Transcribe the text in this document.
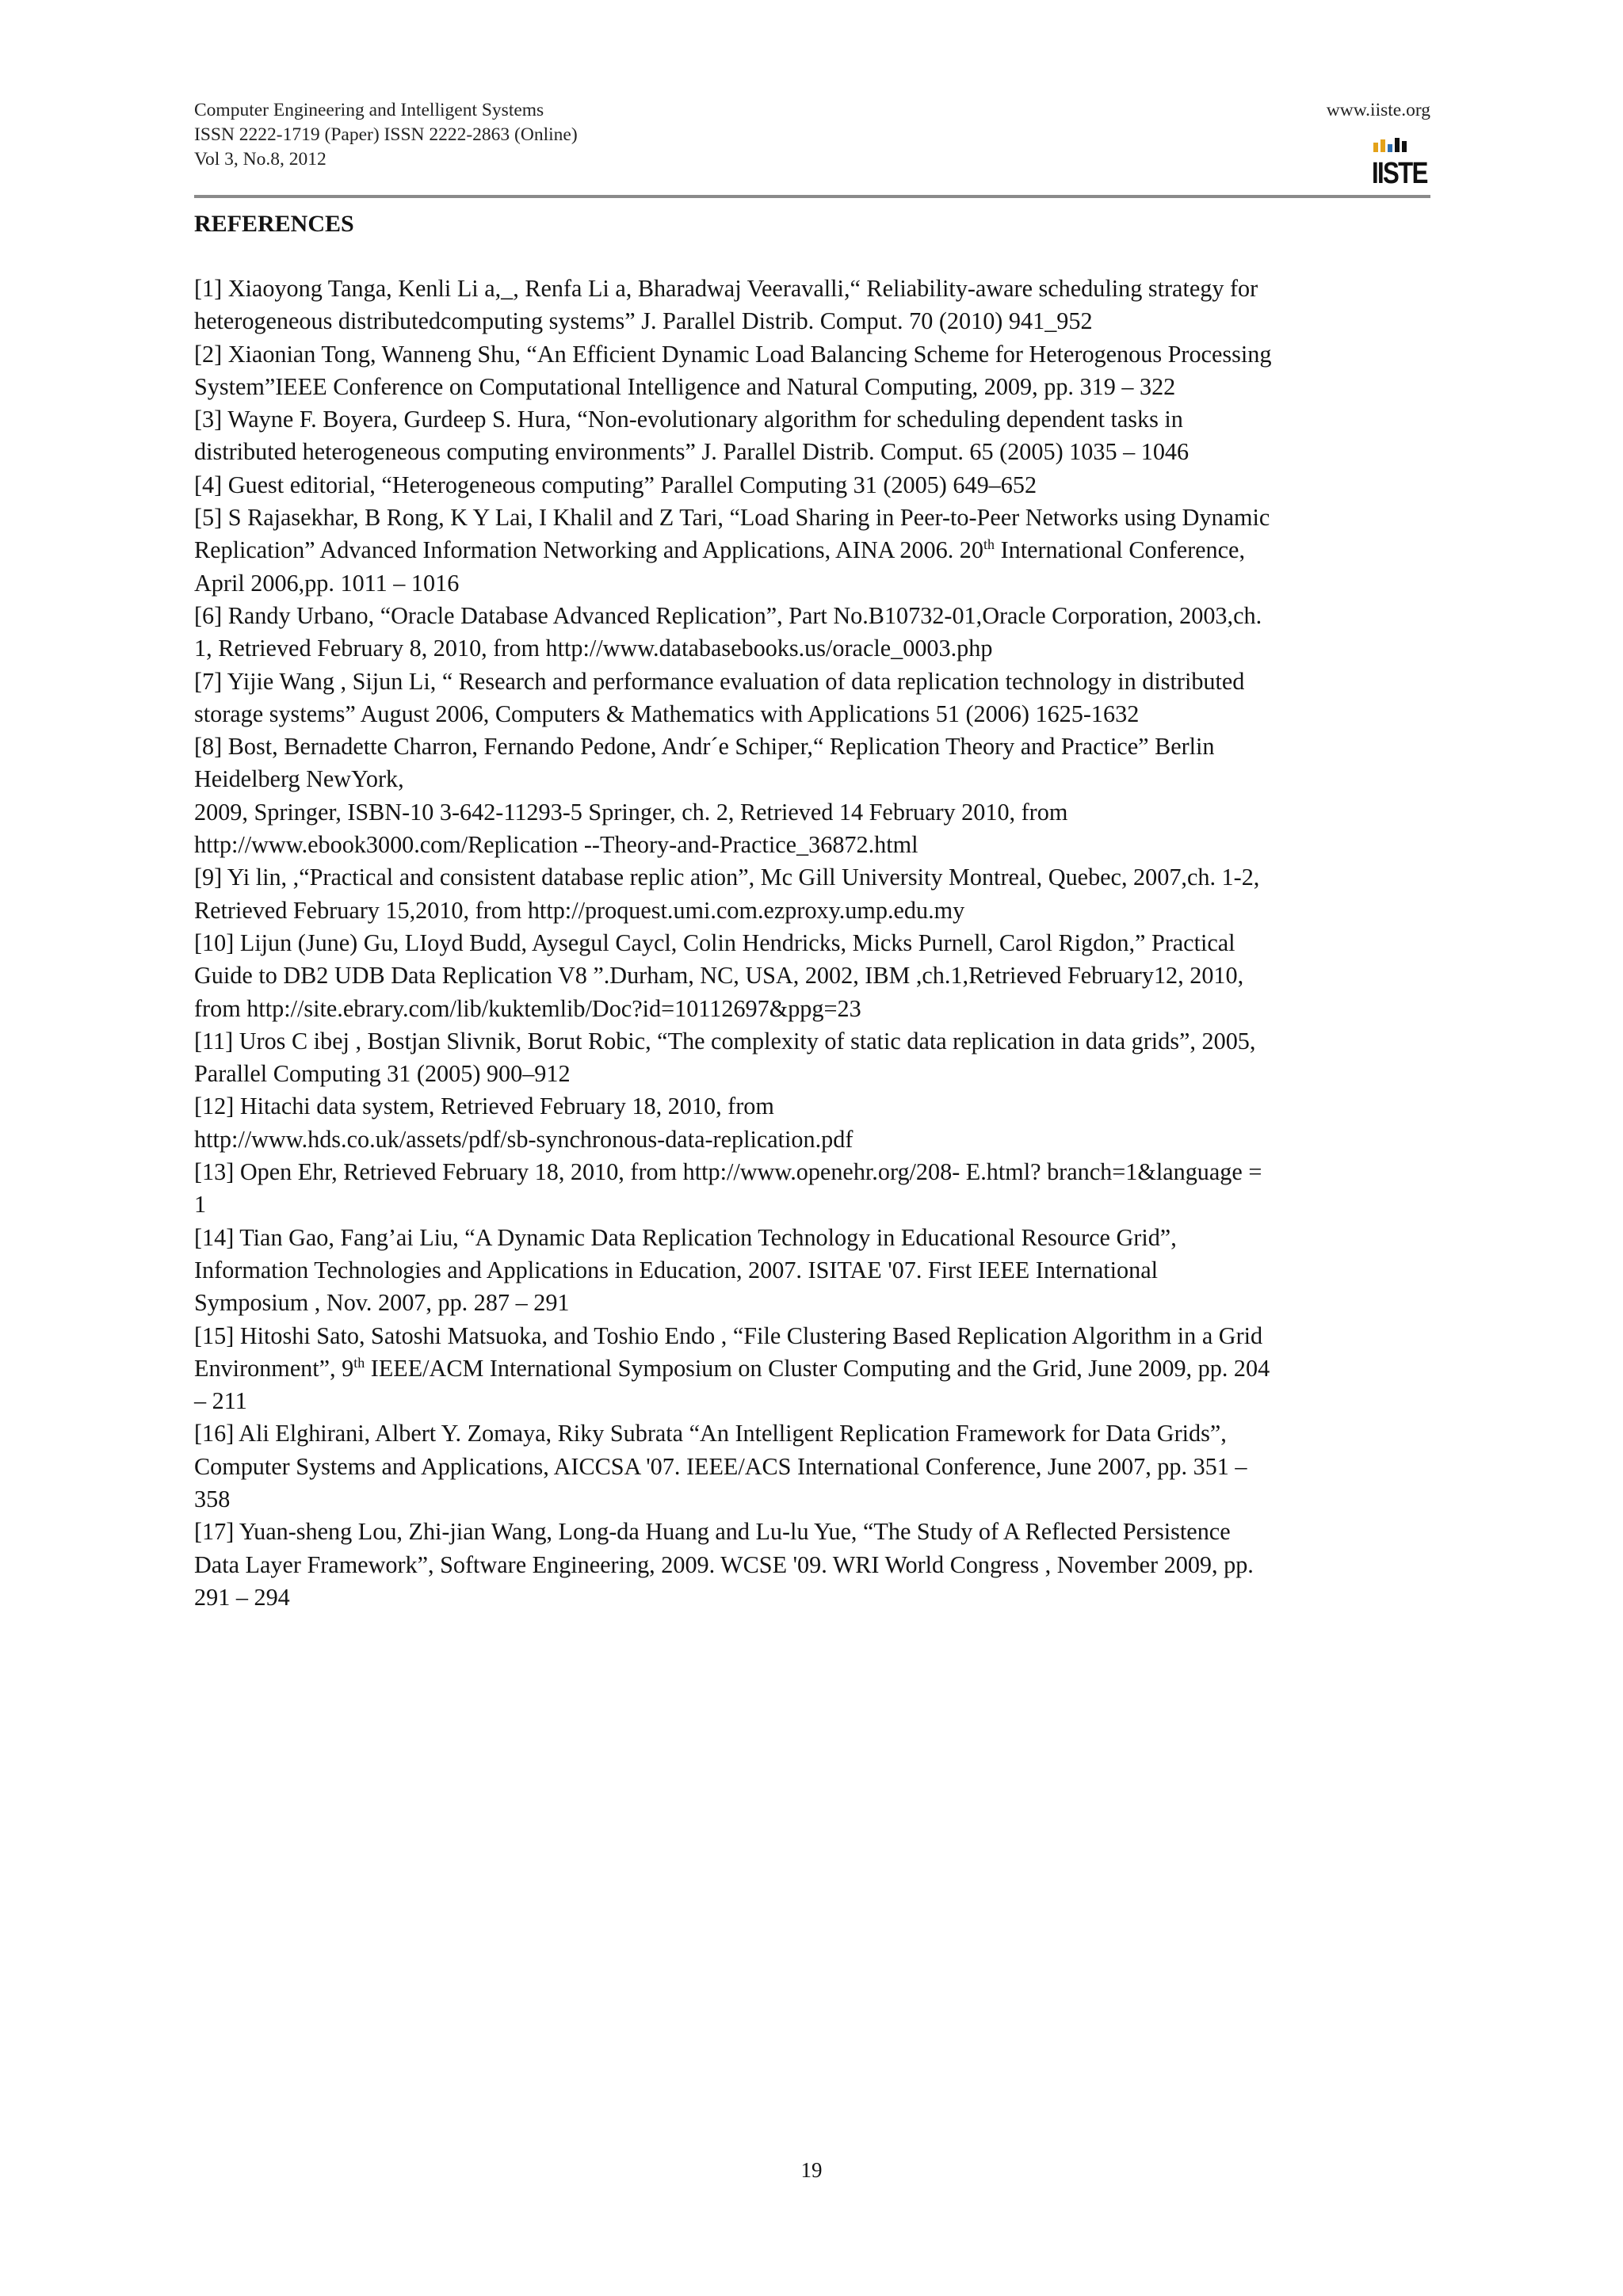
Computer Engineering and Intelligent Systems
ISSN 2222-1719 (Paper) ISSN 2222-2863 (Online)
Vol 3, No.8, 2012
www.iiste.org
IISTE
REFERENCES
[1] Xiaoyong Tanga, Kenli Li a,_, Renfa Li a, Bharadwaj Veeravalli,“ Reliability-aware scheduling strategy for
heterogeneous distributedcomputing systems” J. Parallel Distrib. Comput. 70 (2010) 941_952
[2] Xiaonian Tong, Wanneng Shu, “An Efficient Dynamic Load Balancing Scheme for Heterogenous Processing
System”IEEE Conference on Computational Intelligence and Natural Computing, 2009, pp. 319 – 322
[3] Wayne F. Boyera, Gurdeep S. Hura, “Non-evolutionary algorithm for scheduling dependent tasks in
distributed heterogeneous computing environments” J. Parallel Distrib. Comput. 65 (2005) 1035 – 1046
[4] Guest editorial, “Heterogeneous computing” Parallel Computing 31 (2005) 649–652
[5] S Rajasekhar, B Rong, K Y Lai, I Khalil and Z Tari, “Load Sharing in Peer-to-Peer Networks using Dynamic
Replication” Advanced Information Networking and Applications, AINA 2006. 20th International Conference,
April 2006,pp. 1011 – 1016
[6] Randy Urbano, “Oracle Database Advanced Replication”, Part No.B10732-01,Oracle Corporation, 2003,ch.
1, Retrieved February 8, 2010, from http://www.databasebooks.us/oracle_0003.php
[7] Yijie Wang , Sijun Li, “ Research and performance evaluation of data replication technology in distributed
storage systems” August 2006, Computers & Mathematics with Applications 51 (2006) 1625-1632
[8] Bost, Bernadette Charron, Fernando Pedone, Andr´e Schiper,“ Replication Theory and Practice” Berlin
Heidelberg NewYork,
2009, Springer, ISBN-10 3-642-11293-5 Springer, ch. 2, Retrieved 14 February 2010, from
http://www.ebook3000.com/Replication --Theory-and-Practice_36872.html
[9] Yi lin, ,“Practical and consistent database replic ation”, Mc Gill University Montreal, Quebec, 2007,ch. 1-2,
Retrieved February 15,2010, from http://proquest.umi.com.ezproxy.ump.edu.my
[10] Lijun (June) Gu, LIoyd Budd, Aysegul Caycl, Colin Hendricks, Micks Purnell, Carol Rigdon,” Practical
Guide to DB2 UDB Data Replication V8 ”.Durham, NC, USA, 2002, IBM ,ch.1,Retrieved February12, 2010,
from http://site.ebrary.com/lib/kuktemlib/Doc?id=10112697&ppg=23
[11] Uros C ibej , Bostjan Slivnik, Borut Robic, “The complexity of static data replication in data grids”, 2005,
Parallel Computing 31 (2005) 900–912
[12] Hitachi data system, Retrieved February 18, 2010, from
http://www.hds.co.uk/assets/pdf/sb-synchronous-data-replication.pdf
[13] Open Ehr, Retrieved February 18, 2010, from http://www.openehr.org/208- E.html? branch=1&language =
1
[14] Tian Gao, Fang’ai Liu, “A Dynamic Data Replication Technology in Educational Resource Grid”,
Information Technologies and Applications in Education, 2007. ISITAE '07. First IEEE International
Symposium , Nov. 2007, pp. 287 – 291
[15] Hitoshi Sato, Satoshi Matsuoka, and Toshio Endo , “File Clustering Based Replication Algorithm in a Grid
Environment”, 9th IEEE/ACM International Symposium on Cluster Computing and the Grid, June 2009, pp. 204
– 211
[16] Ali Elghirani, Albert Y. Zomaya, Riky Subrata “An Intelligent Replication Framework for Data Grids”,
Computer Systems and Applications, AICCSA '07. IEEE/ACS International Conference, June 2007, pp. 351 –
358
[17] Yuan-sheng Lou, Zhi-jian Wang, Long-da Huang and Lu-lu Yue, “The Study of A Reflected Persistence
Data Layer Framework”, Software Engineering, 2009. WCSE '09. WRI World Congress , November 2009, pp.
291 – 294
19
